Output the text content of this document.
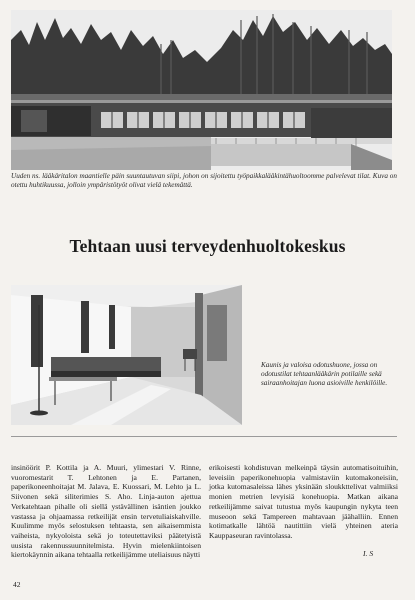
Uuden ns. lääkäritalon maantielle päin suuntautuvan siipi, johon on sijoitettu työpaikkalääkintähuoltoomme palvelevat tilat. Kuva on otettu huhtikuussa, jolloin ympäristötyöt olivat vielä tekemättä.
Tehtaan uusi terveydenhuoltokeskus
Kaunis ja valoisa odotushuone, jossa on odotustilat tehtaanlääkärin potilaille sekä sairaanhoitajan luona asioiville henkilöille.

insinöörit P. Kottila ja A. Muuri, ylimestari V. Rinne, vuoromestarit T. Lehtonen ja E. Partanen, paperikoneenhoitajat M. Jalava, E. Kuossari, M. Lehto ja L. Siivonen sekä siliterimies S. Aho. Linja-auton ajettua Verkatehtaan pihalle oli siellä ystävällinen isäntien joukko vastassa ja ohjaamassa retkeilijät ensin tervetuliaiskahville. Kuulimme myös selostuksen tehtaasta, sen aikaisemmista vaiheista, nykyoloista sekä jo toteutettaviksi päätetyistä uusista rakennussuunnitelmista. Hyvin mielenkiintoisen kiertokäynnin aikana tehtaalla retkeilijämme uteliaisuus näytti

erikoisesti kohdistuvan melkeinpä täysin automatisoituihin, leveisiin paperikonehuopia valmistaviin kutomakoneisiin, jotka kutomasaleissa lähes yksinään sloukkttelivat valmiiksi monien metrien levyisiä konehuopia. Matkan aikana retkeilijämme saivat tutustua myös kaupungin nykyta teen museoon sekä Tampereen mahtavaan jäähalliin. Ennen kotimatkalle lähtöä nautittiin vielä yhteinen ateria Kauppaseuran ravintolassa.

I. S
42
